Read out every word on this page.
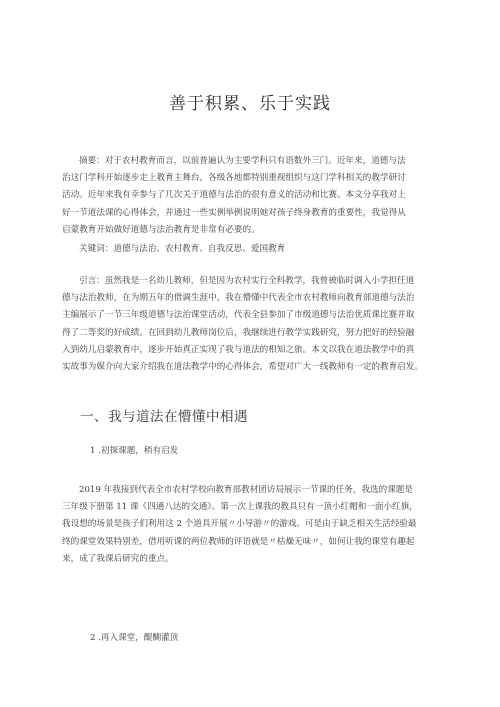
善于积累、乐于实践
摘要：对于农村教育而言，以前普遍认为主要学科只有语数外三门。近年来，道德与法
治这门学科开始逐步走上教育主舞台，各级各地都特别重视组织与这门学科相关的教学研讨
活动。近年来我有幸参与了几次关于道德与法治的很有意义的活动和比赛。本文分享我对上
好一节道法课的心得体会，并通过一些实例举例说明她对孩子终身教育的重要性，我觉得从
启蒙教育开始做好道德与法治教育是非常有必要的。
关键词：道德与法治、农村教育、自我反思、爱国教育
引言：虽然我是一名幼儿教师，但是因为农村实行全科教学，我曾被临时调入小学担任道
德与法治教师，在为期五年的借调生涯中，我在懵懂中代表全市农村教师向教育部道德与法治
主编展示了一节三年级道德与法治课堂活动，代表全县参加了市级道德与法治优质课比赛并取
得了二等奖的好成绩。在回到幼儿教师岗位后，我继续进行教学实践研究，努力把好的经验融
入到幼儿启蒙教育中，逐步开始真正实现了我与道法的相知之旅。本文以我在道法教学中的真
实故事为媒介向大家介绍我在道法教学中的心得体会，希望对广大一线教师有一定的教育启发。
一、我与道法在懵懂中相遇
1 .初探课题，稍有启发
2019 年我接到代表全市农村学校向教育部教材团访局展示一节课的任务，我选的课题是
三年级下册第 11 课《四通八达的交通》。第一次上课我的教具只有一顶小红帽和一面小红旗，
我设想的场景是孩子们利用这 2 个道具开展〃小导游〃的游戏。可是由于缺乏相关生活经验最
终的课堂效果特别差，借用听课的两位教师的评语就是〃枯燥无味〃，如何让我的课堂有趣起
来，成了我课后研究的重点。
2 .再入课堂，醍醐灌顶
